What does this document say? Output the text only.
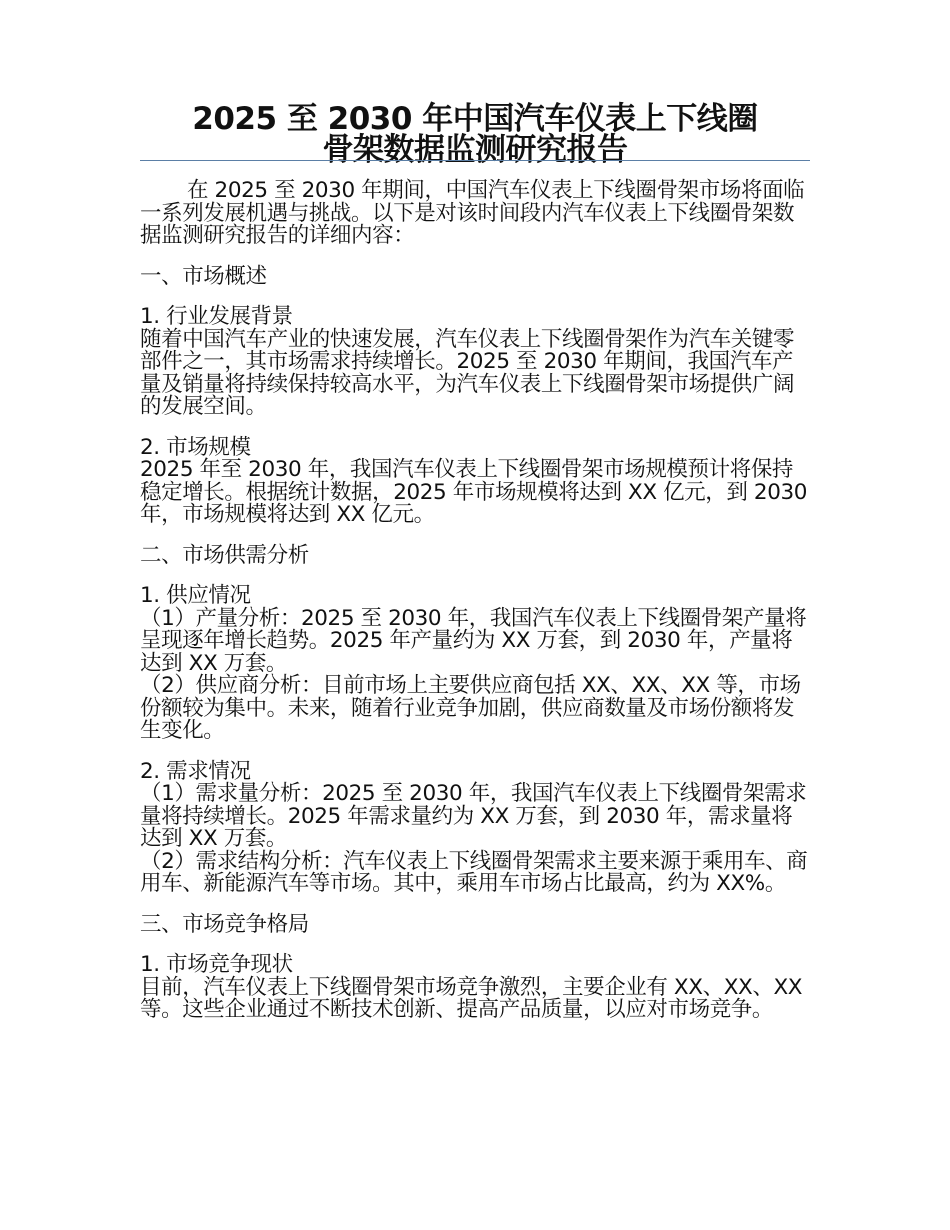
2025 至 2030 年中国汽车仪表上下线圈
骨架数据监测研究报告

在 2025 至 2030 年期间，中国汽车仪表上下线圈骨架市场将面临一系列发展机遇与挑战。以下是对该时间段内汽车仪表上下线圈骨架数据监测研究报告的详细内容：

一、市场概述

1. 行业发展背景

随着中国汽车产业的快速发展，汽车仪表上下线圈骨架作为汽车关键零部件之一，其市场需求持续增长。2025 至 2030 年期间，我国汽车产量及销量将持续保持较高水平，为汽车仪表上下线圈骨架市场提供广阔的发展空间。

2. 市场规模

2025 年至 2030 年，我国汽车仪表上下线圈骨架市场规模预计将保持稳定增长。根据统计数据，2025 年市场规模将达到 XX 亿元，到 2030 年，市场规模将达到 XX 亿元。

二、市场供需分析

1. 供应情况

（1）产量分析：2025 至 2030 年，我国汽车仪表上下线圈骨架产量将呈现逐年增长趋势。2025 年产量约为 XX 万套，到 2030 年，产量将达到 XX 万套。

（2）供应商分析：目前市场上主要供应商包括 XX、XX、XX 等，市场份额较为集中。未来，随着行业竞争加剧，供应商数量及市场份额将发生变化。

2. 需求情况

（1）需求量分析：2025 至 2030 年，我国汽车仪表上下线圈骨架需求量将持续增长。2025 年需求量约为 XX 万套，到 2030 年，需求量将达到 XX 万套。

（2）需求结构分析：汽车仪表上下线圈骨架需求主要来源于乘用车、商用车、新能源汽车等市场。其中，乘用车市场占比最高，约为 XX%。

三、市场竞争格局

1. 市场竞争现状

目前，汽车仪表上下线圈骨架市场竞争激烈，主要企业有 XX、XX、XX 等。这些企业通过不断技术创新、提高产品质量，以应对市场竞争。
